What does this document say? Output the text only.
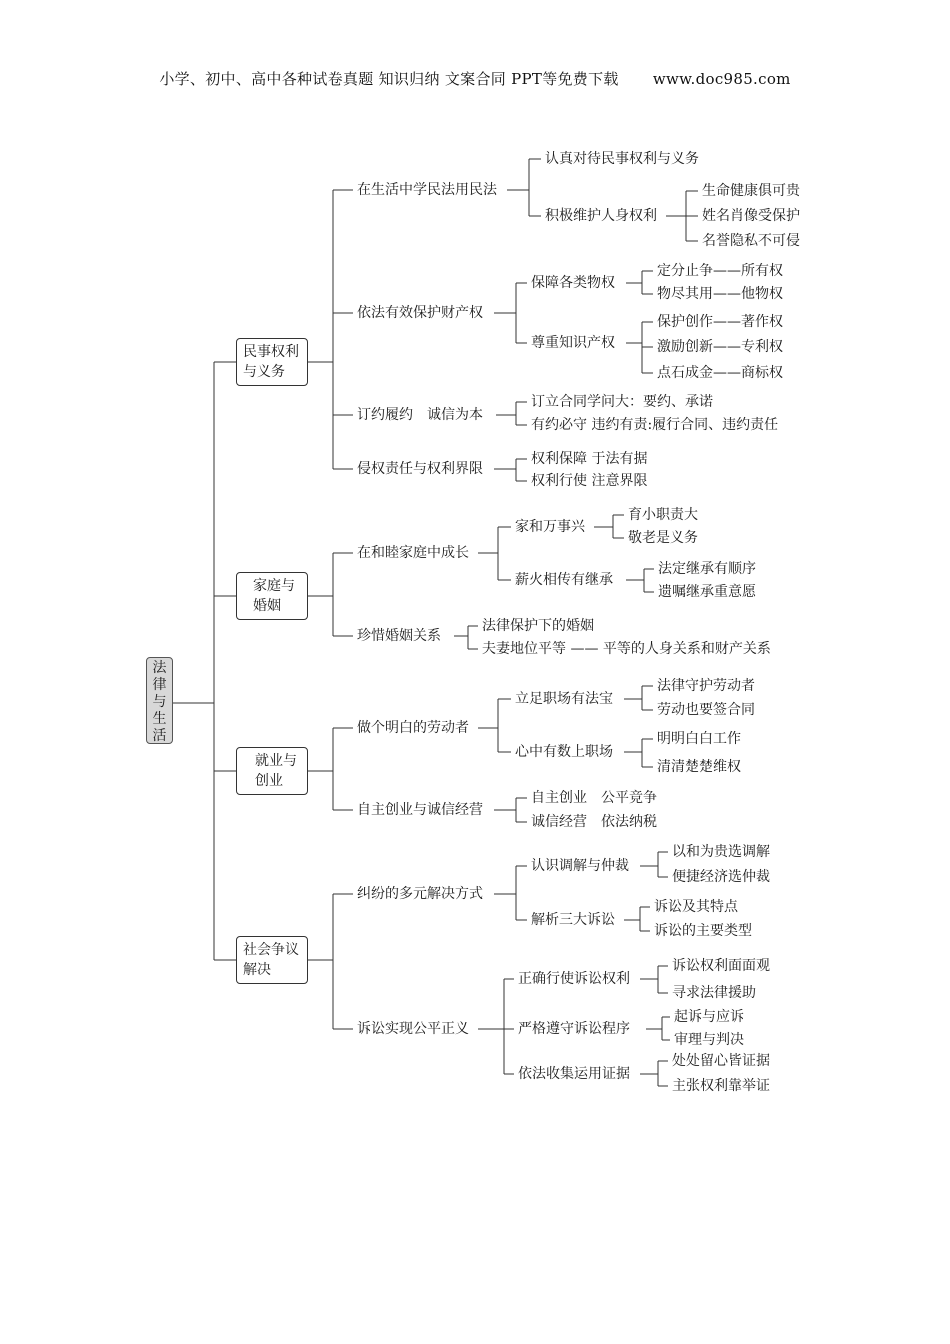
小学、初中、高中各种试卷真题 知识归纳 文案合同 PPT等免费下载 www.doc985.com
法
律
与
生
活
民事权利
与义务
家庭与
婚姻
就业与
创业
社会争议
解决
在生活中学民法用民法
认真对待民事权利与义务
积极维护人身权利
生命健康俱可贵
姓名肖像受保护
名誉隐私不可侵
依法有效保护财产权
保障各类物权
尊重知识产权
定分止争——所有权
物尽其用——他物权
保护创作——著作权
激励创新——专利权
点石成金——商标权
订约履约　诚信为本
订立合同学问大：要约、承诺
有约必守 违约有责:履行合同、违约责任
侵权责任与权利界限
权利保障 于法有据
权利行使 注意界限
在和睦家庭中成长
家和万事兴
薪火相传有继承
育小职责大
敬老是义务
法定继承有顺序
遗嘱继承重意愿
珍惜婚姻关系
法律保护下的婚姻
夫妻地位平等 —— 平等的人身关系和财产关系
做个明白的劳动者
立足职场有法宝
心中有数上职场
法律守护劳动者
劳动也要签合同
明明白白工作
清清楚楚维权
自主创业与诚信经营
自主创业　公平竞争
诚信经营　依法纳税
纠纷的多元解决方式
认识调解与仲裁
解析三大诉讼
以和为贵选调解
便捷经济选仲裁
诉讼及其特点
诉讼的主要类型
诉讼实现公平正义
正确行使诉讼权利
严格遵守诉讼程序
依法收集运用证据
诉讼权利面面观
寻求法律援助
起诉与应诉
审理与判决
处处留心皆证据
主张权利靠举证
